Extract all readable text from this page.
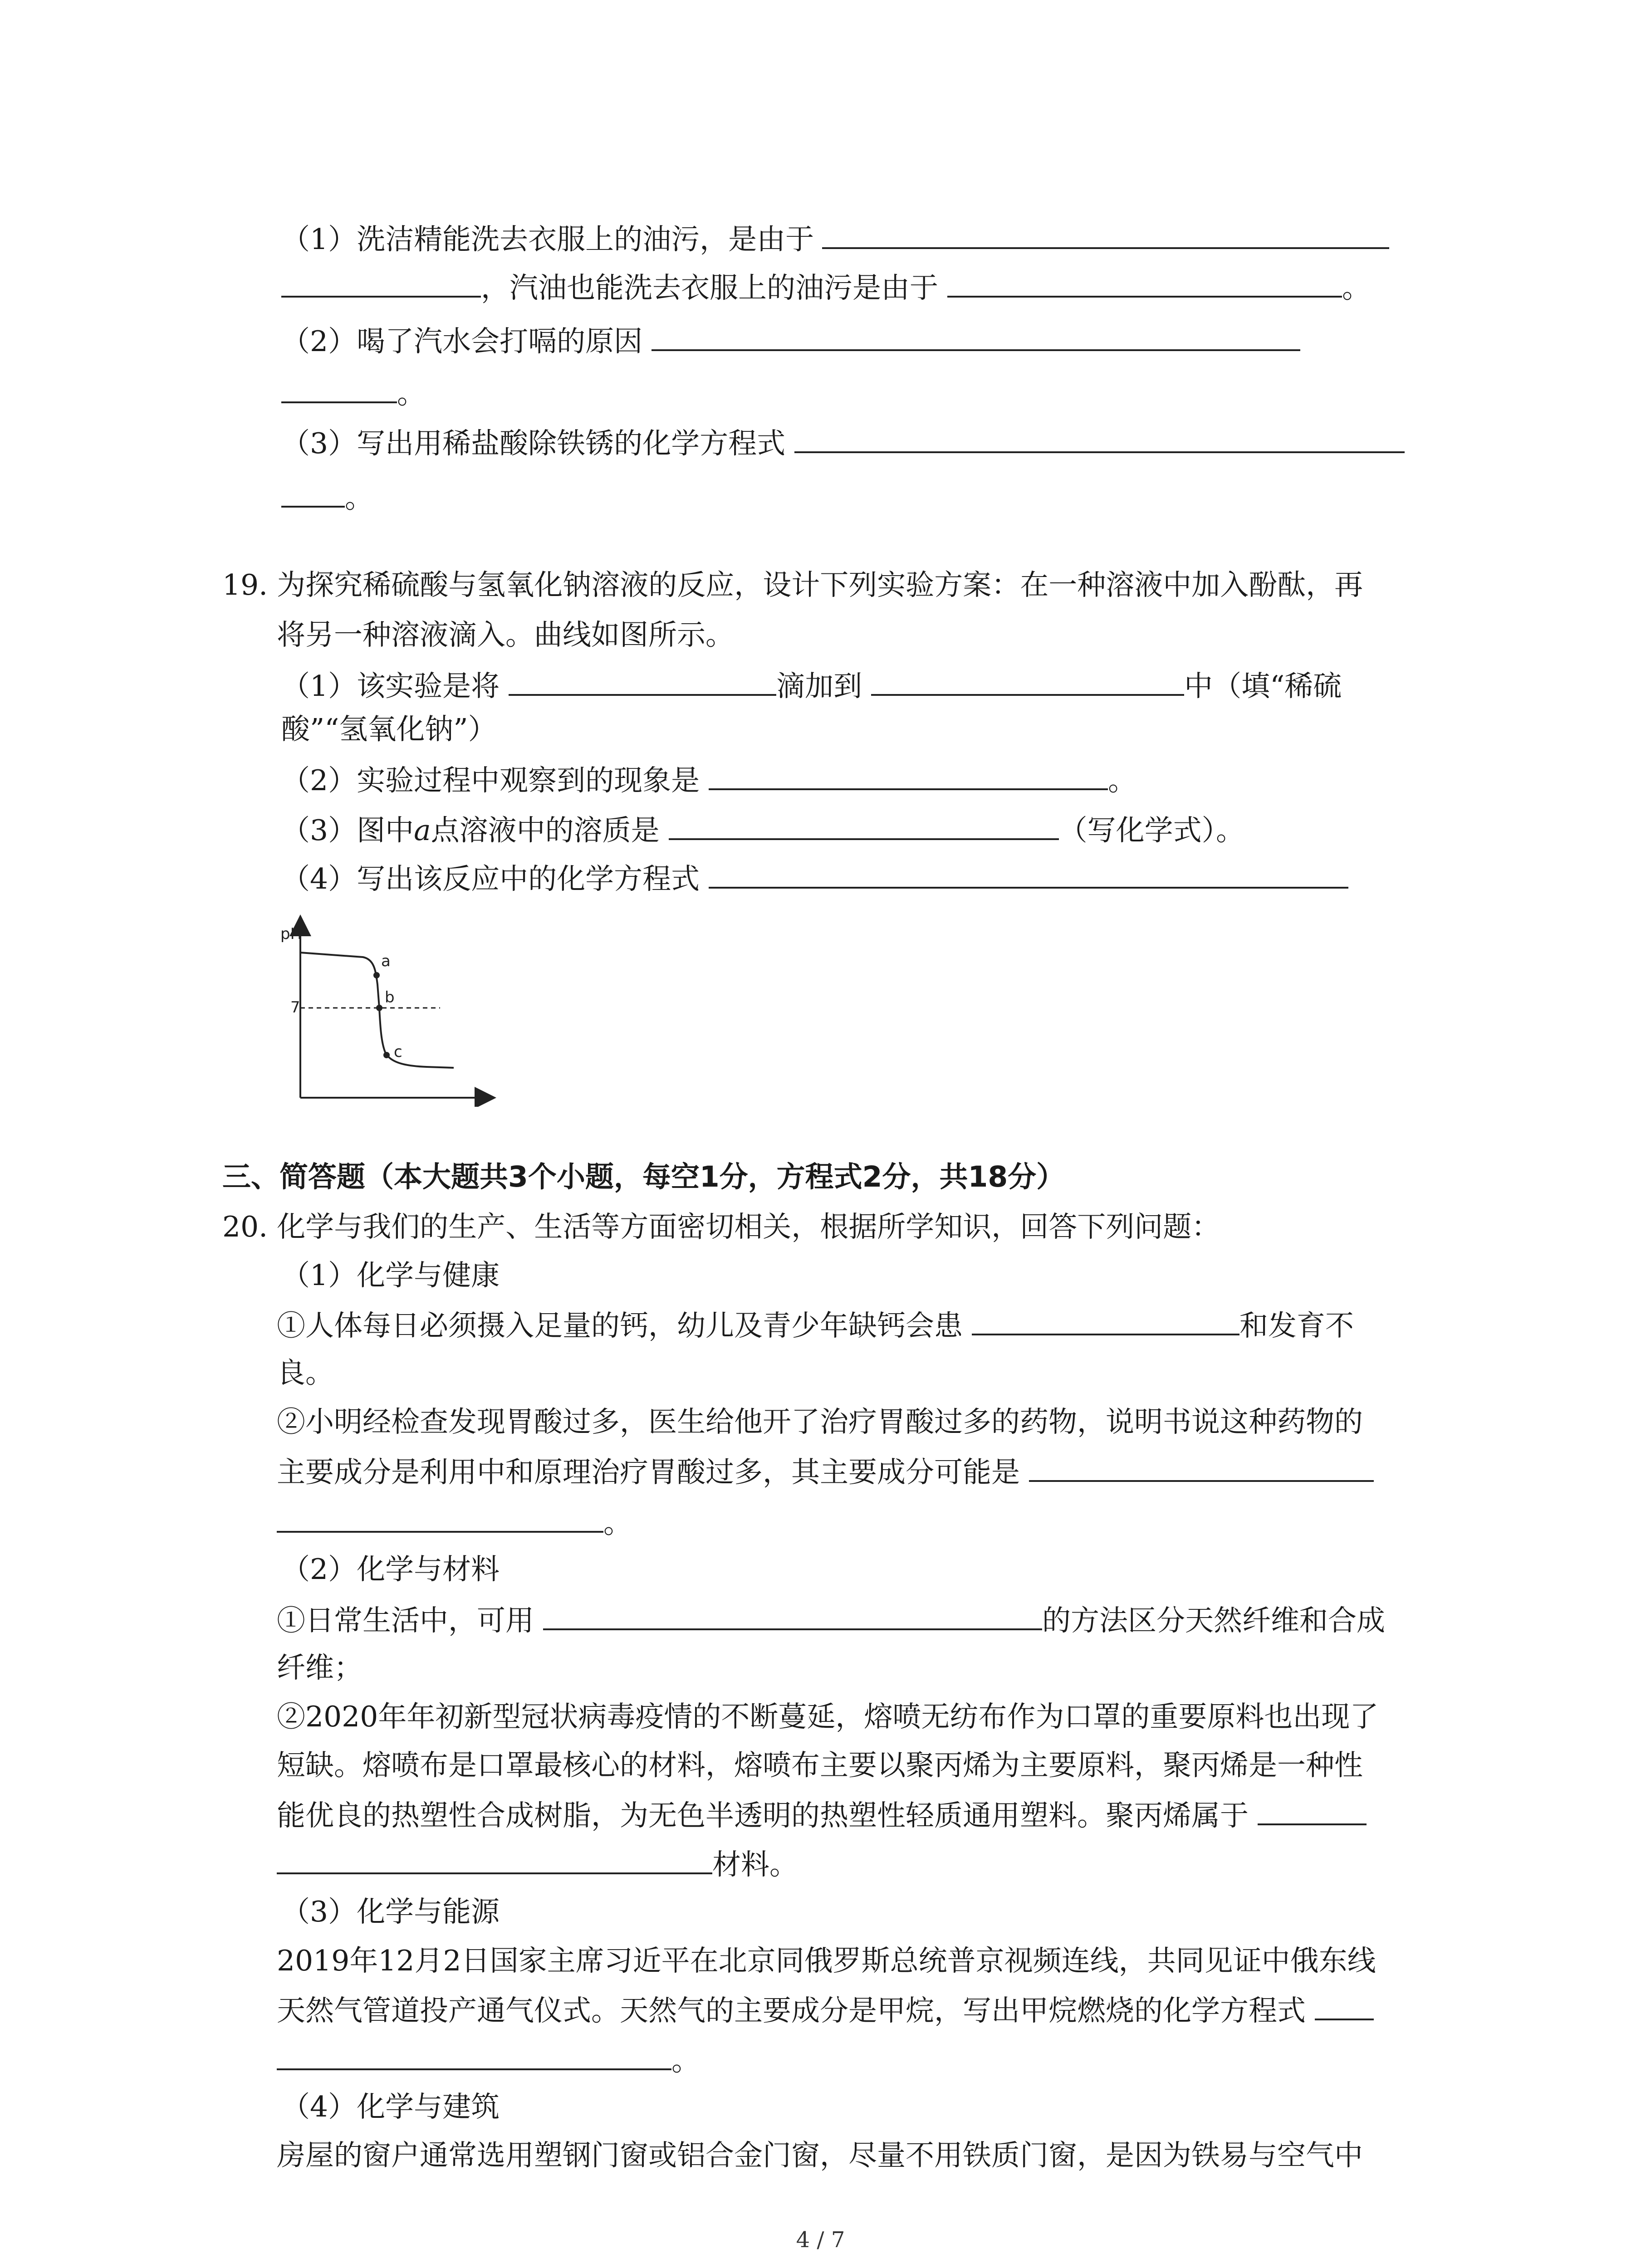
（1）洗洁精能洗去衣服上的油污，是由于
，汽油也能洗去衣服上的油污是由于	。
（2）喝了汽水会打嗝的原因
。
（3）写出用稀盐酸除铁锈的化学方程式
。
19. 为探究稀硫酸与氢氧化钠溶液的反应，设计下列实验方案：在一种溶液中加入酚酞，再
将另一种溶液滴入。曲线如图所示。
（1）该实验是将	滴加到	中（填“稀硫
酸”“氢氧化钠”）
（2）实验过程中观察到的现象是	。
（3）图中a点溶液中的溶质是	（写化学式）。
（4）写出该反应中的化学方程式
pH
7
a
b
c
三、简答题（本大题共3个小题，每空1分，方程式2分，共18分）
20. 化学与我们的生产、生活等方面密切相关，根据所学知识，回答下列问题：
（1）化学与健康
①人体每日必须摄入足量的钙，幼儿及青少年缺钙会患	和发育不
良。
②小明经检查发现胃酸过多，医生给他开了治疗胃酸过多的药物，说明书说这种药物的
主要成分是利用中和原理治疗胃酸过多，其主要成分可能是
。
（2）化学与材料
①日常生活中，可用	的方法区分天然纤维和合成
纤维；
②2020年年初新型冠状病毒疫情的不断蔓延，熔喷无纺布作为口罩的重要原料也出现了
短缺。熔喷布是口罩最核心的材料，熔喷布主要以聚丙烯为主要原料，聚丙烯是一种性
能优良的热塑性合成树脂，为无色半透明的热塑性轻质通用塑料。聚丙烯属于
材料。
（3）化学与能源
2019年12月2日国家主席习近平在北京同俄罗斯总统普京视频连线，共同见证中俄东线
天然气管道投产通气仪式。天然气的主要成分是甲烷，写出甲烷燃烧的化学方程式
。
（4）化学与建筑
房屋的窗户通常选用塑钢门窗或铝合金门窗，尽量不用铁质门窗，是因为铁易与空气中
4 / 7
